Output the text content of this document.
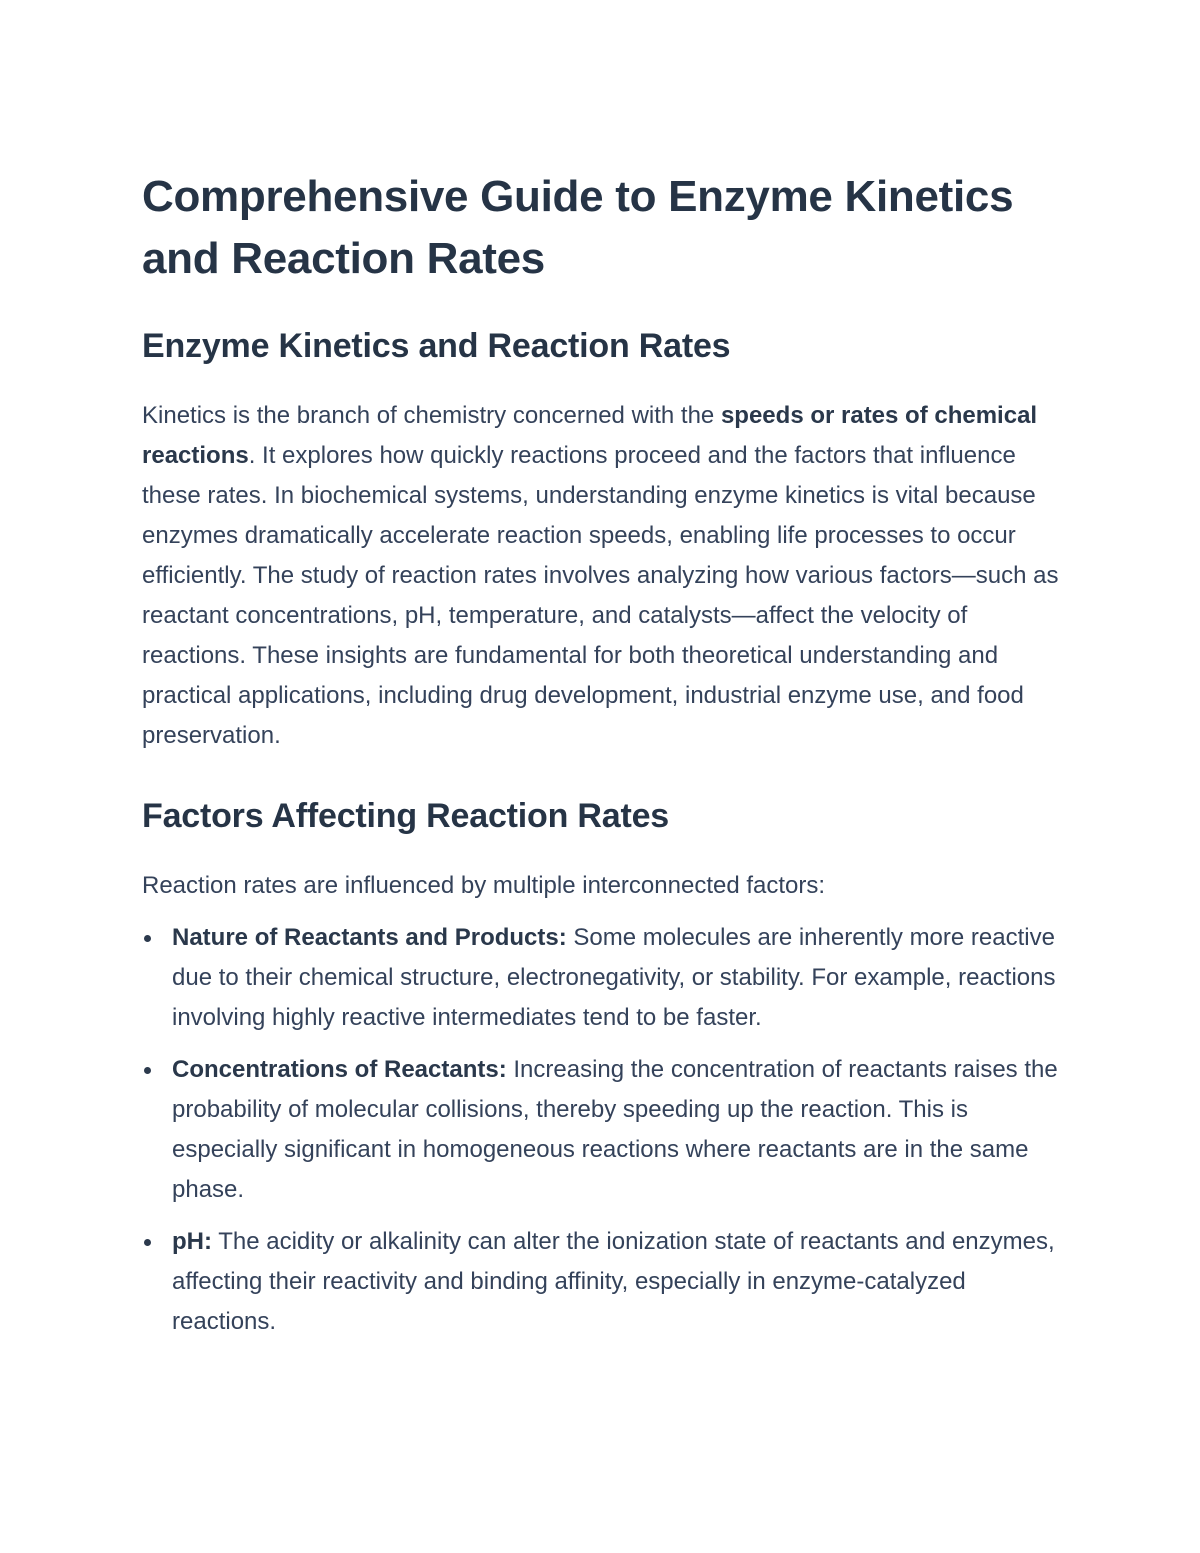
Comprehensive Guide to Enzyme Kinetics and Reaction Rates
Enzyme Kinetics and Reaction Rates

Kinetics is the branch of chemistry concerned with the speeds or rates of chemical reactions. It explores how quickly reactions proceed and the factors that influence these rates. In biochemical systems, understanding enzyme kinetics is vital because enzymes dramatically accelerate reaction speeds, enabling life processes to occur efficiently. The study of reaction rates involves analyzing how various factors—such as reactant concentrations, pH, temperature, and catalysts—affect the velocity of reactions. These insights are fundamental for both theoretical understanding and practical applications, including drug development, industrial enzyme use, and food preservation.

Factors Affecting Reaction Rates

Reaction rates are influenced by multiple interconnected factors:

Nature of Reactants and Products: Some molecules are inherently more reactive due to their chemical structure, electronegativity, or stability. For example, reactions involving highly reactive intermediates tend to be faster.
Concentrations of Reactants: Increasing the concentration of reactants raises the probability of molecular collisions, thereby speeding up the reaction. This is especially significant in homogeneous reactions where reactants are in the same phase.
pH: The acidity or alkalinity can alter the ionization state of reactants and enzymes, affecting their reactivity and binding affinity, especially in enzyme-catalyzed reactions.
